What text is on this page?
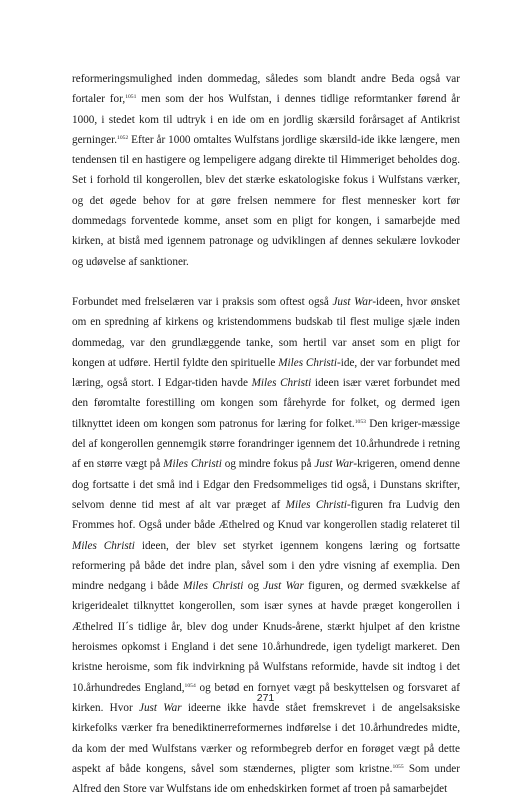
reformeringsmulighed inden dommedag, således som blandt andre Beda også var fortaler for,$^{1051}$ men som der hos Wulfstan, i dennes tidlige reformtanker førend år 1000, i stedet kom til udtryk i en ide om en jordlig skærsild forårsaget af Antikrist gerninger.$^{1052}$ Efter år 1000 omtaltes Wulfstans jordlige skærsild-ide ikke længere, men tendensen til en hastigere og lempeligere adgang direkte til Himmeriget beholdes dog. Set i forhold til kongerollen, blev det stærke eskatologiske fokus i Wulfstans værker, og det øgede behov for at gøre frelsen nemmere for flest mennesker kort før dommedags forventede komme, anset som en pligt for kongen, i samarbejde med kirken, at bistå med igennem patronage og udviklingen af dennes sekulære lovkoder og udøvelse af sanktioner.

Forbundet med frelselæren var i praksis som oftest også Just War-ideen, hvor ønsket om en spredning af kirkens og kristendommens budskab til flest mulige sjæle inden dommedag, var den grundlæggende tanke, som hertil var anset som en pligt for kongen at udføre. Hertil fyldte den spirituelle Miles Christi-ide, der var forbundet med læring, også stort. I Edgar-tiden havde Miles Christi ideen især været forbundet med den føromtalte forestilling om kongen som fårehyrde for folket, og dermed igen tilknyttet ideen om kongen som patronus for læring for folket.$^{1053}$ Den kriger-mæssige del af kongerollen gennemgik større forandringer igennem det 10.århundrede i retning af en større vægt på Miles Christi og mindre fokus på Just War-krigeren, omend denne dog fortsatte i det små ind i Edgar den Fredsommeliges tid også, i Dunstans skrifter, selvom denne tid mest af alt var præget af Miles Christi-figuren fra Ludvig den Frommes hof. Også under både Æthelred og Knud var kongerollen stadig relateret til Miles Christi ideen, der blev set styrket igennem kongens læring og fortsatte reformering på både det indre plan, såvel som i den ydre visning af exemplia. Den mindre nedgang i både Miles Christi og Just War figuren, og dermed svækkelse af krigeridealet tilknyttet kongerollen, som især synes at havde præget kongerollen i Æthelred II´s tidlige år, blev dog under Knuds-årene, stærkt hjulpet af den kristne heroismes opkomst i England i det sene 10.århundrede, igen tydeligt markeret. Den kristne heroisme, som fik indvirkning på Wulfstans reformide, havde sit indtog i det 10.århundredes England,$^{1054}$ og betød en fornyet vægt på beskyttelsen og forsvaret af kirken. Hvor Just War ideerne ikke havde stået fremskrevet i de angelsaksiske kirkefolks værker fra benediktinerreformernes indførelse i det 10.århundredes midte, da kom der med Wulfstans værker og reformbegreb derfor en forøget vægt på dette aspekt af både kongens, såvel som stændernes, pligter som kristne.$^{1055}$ Som under Alfred den Store var Wulfstans ide om enhedskirken formet af troen på samarbejdet

271
